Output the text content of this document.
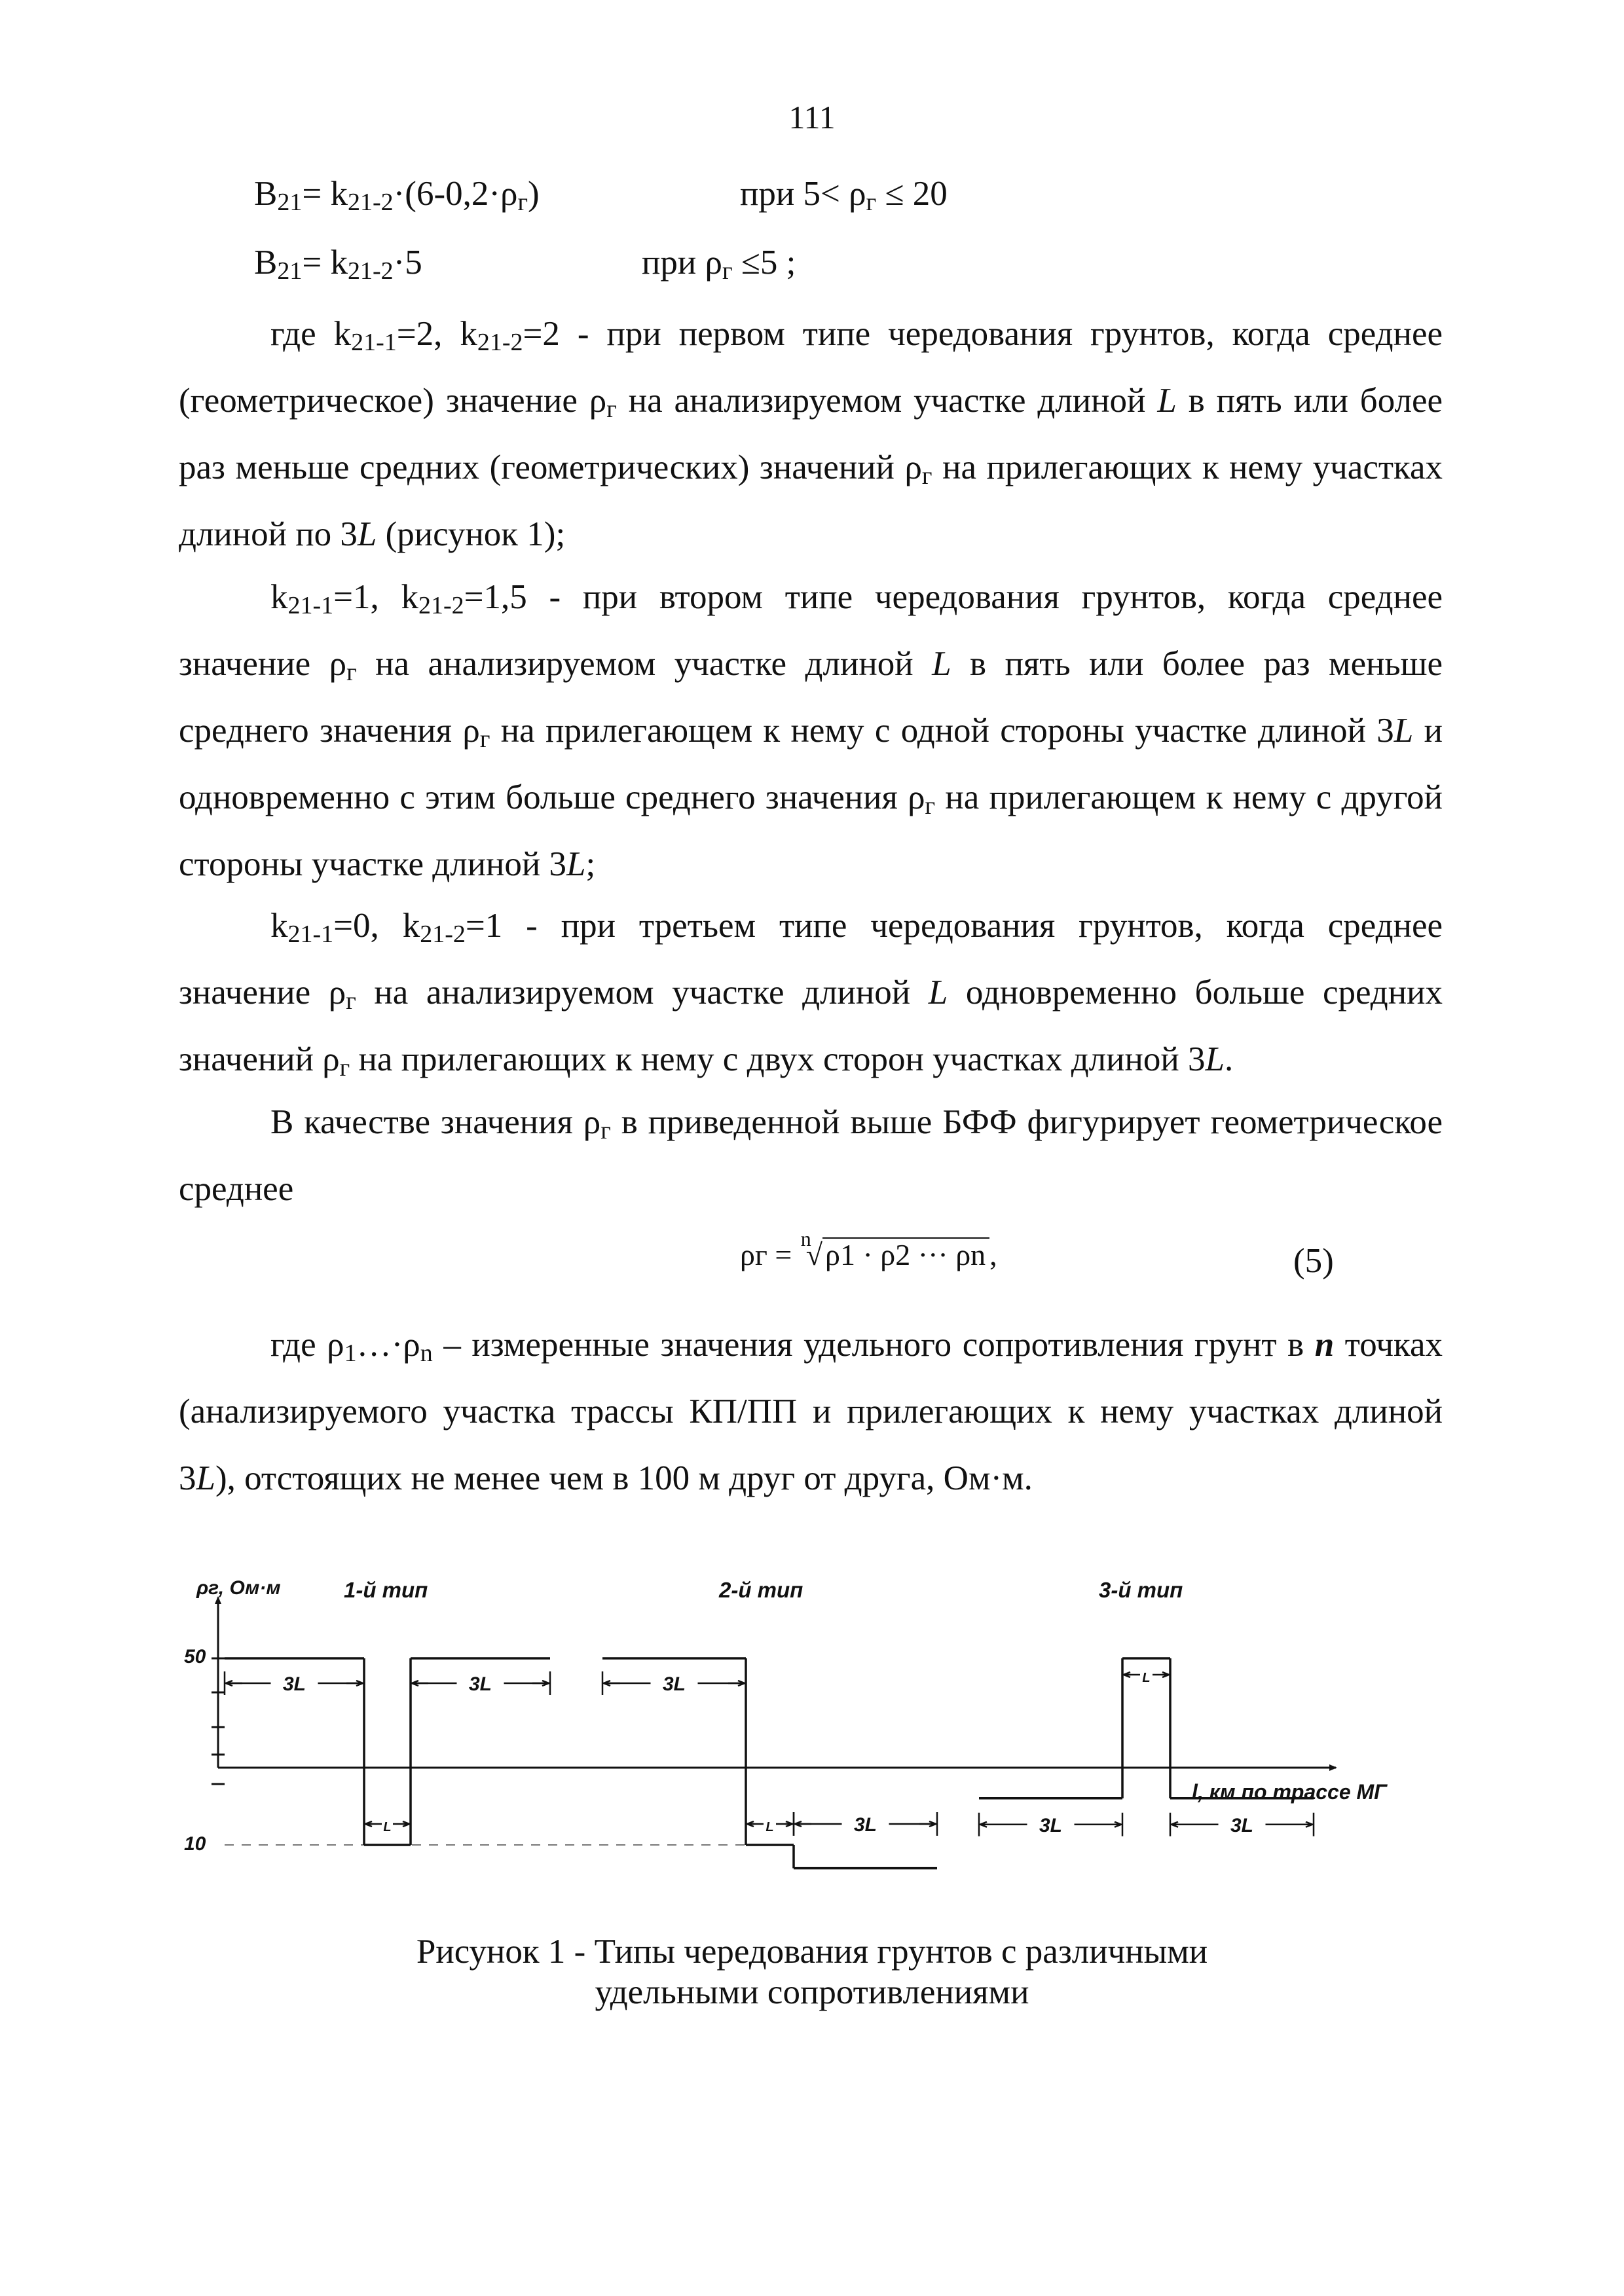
111
В21= k21-2·(6-0,2·ρг)	при 5< ρг ≤ 20
В21= k21-2·5	при ρг ≤5 ;
где k21-1=2, k21-2=2 - при первом типе чередования грунтов, когда среднее (геометрическое) значение ρг на анализируемом участке длиной L в пять или более раз меньше средних (геометрических) значений ρг на прилегающих к нему участках длиной по 3L (рисунок 1);
k21-1=1, k21-2=1,5 - при втором типе чередования грунтов, когда среднее значение ρг на анализируемом участке длиной L в пять или более раз меньше среднего значения ρг на прилегающем к нему с одной стороны участке длиной 3L и одновременно с этим больше среднего значения ρг на прилегающем к нему с другой стороны участке длиной 3L;
k21-1=0, k21-2=1 - при третьем типе чередования грунтов, когда среднее значение ρг на анализируемом участке длиной L одновременно больше средних значений ρг на прилегающих к нему с двух сторон участках длиной 3L.
В качестве значения ρг в приведенной выше БФФ фигурирует геометрическое среднее
ρг = n
√ρ1 · ρ2 ··· ρn ,	(5)
где ρ1…·ρn – измеренные значения удельного сопротивления грунт в n точках (анализируемого участка трассы КП/ПП и прилегающих к нему участках длиной 3L), отстоящих не менее чем в 100 м друг от друга, Ом·м.
ρг, Ом·м
l, км по трассе МГ
50
10
1-й тип	2-й тип	3-й тип
3L	3L
L
3L
L	3L	3L	3L
L
Рисунок 1 - Типы чередования грунтов с различными удельными сопротивлениями
